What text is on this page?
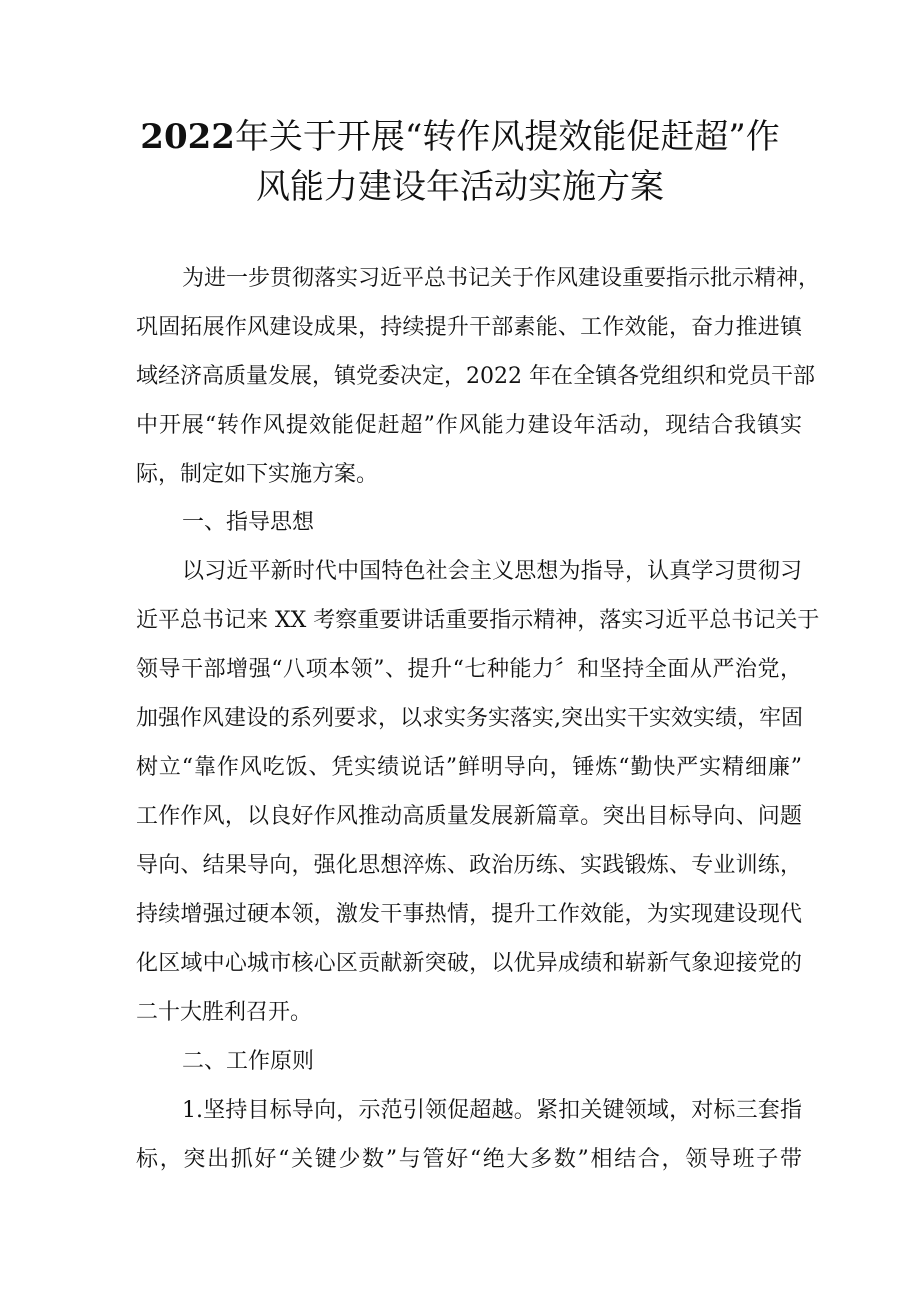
2022年关于开展“转作风提效能促赶超”作
风能力建设年活动实施方案
为进一步贯彻落实习近平总书记关于作风建设重要指示批示精神，
巩固拓展作风建设成果，持续提升干部素能、工作效能，奋力推进镇
域经济高质量发展，镇党委决定，2022 年在全镇各党组织和党员干部
中开展“转作风提效能促赶超”作风能力建设年活动，现结合我镇实
际，制定如下实施方案。
一、指导思想
以习近平新时代中国特色社会主义思想为指导，认真学习贯彻习
近平总书记来 XX 考察重要讲话重要指示精神，落实习近平总书记关于
领导干部增强“八项本领”、提升“七种能力〞和坚持全面从严治党，
加强作风建设的系列要求，以求实务实落实,突出实干实效实绩，牢固
树立“靠作风吃饭、凭实绩说话”鲜明导向，锤炼“勤快严实精细廉”
工作作风，以良好作风推动高质量发展新篇章。突出目标导向、问题
导向、结果导向，强化思想淬炼、政治历练、实践锻炼、专业训练，
持续增强过硬本领，激发干事热情，提升工作效能，为实现建设现代
化区域中心城市核心区贡献新突破，以优异成绩和崭新气象迎接党的
二十大胜利召开。
二、工作原则
1.坚持目标导向，示范引领促超越。紧扣关键领域，对标三套指
标，突出抓好“关键少数”与管好“绝大多数”相结合，领导班子带
